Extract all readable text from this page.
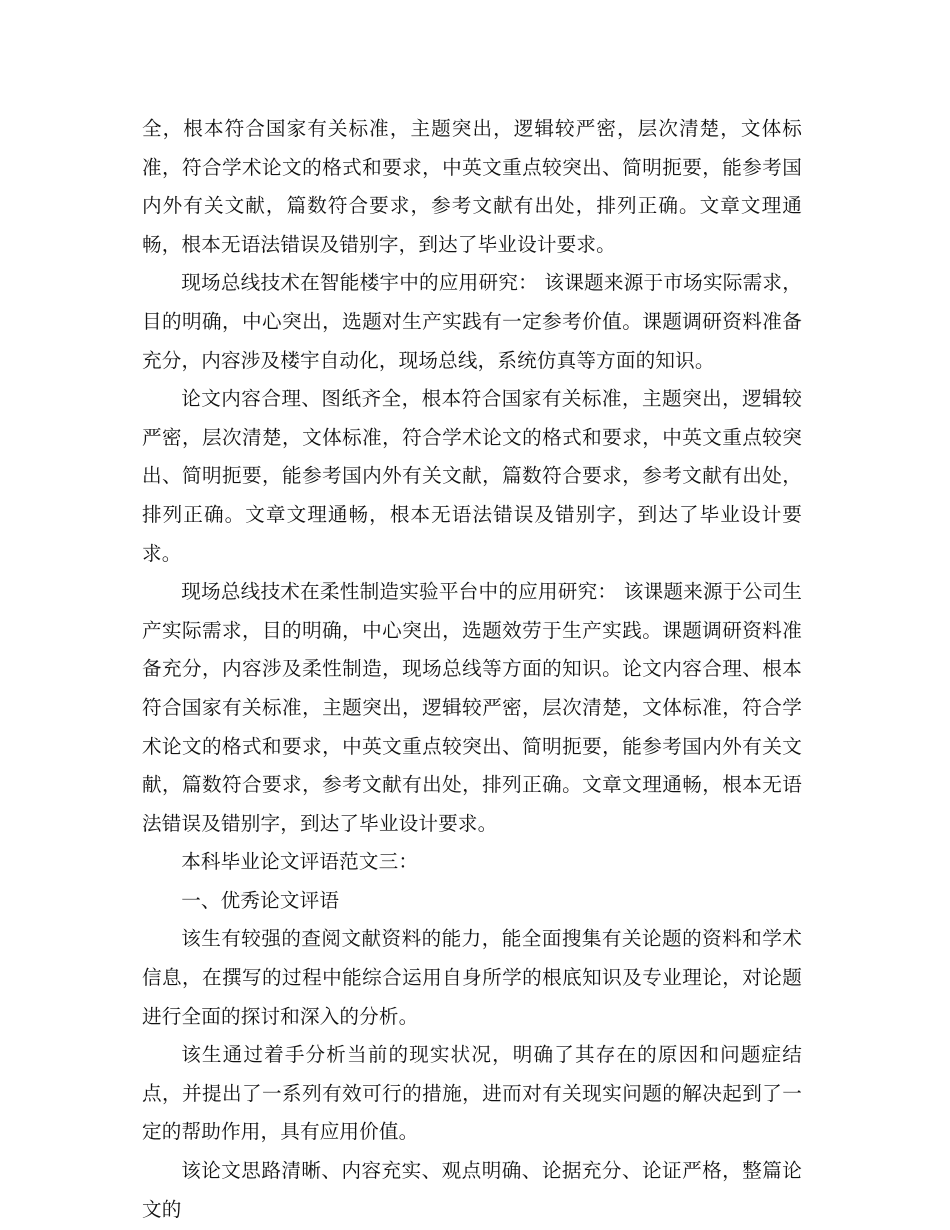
全，根本符合国家有关标准，主题突出，逻辑较严密，层次清楚，文体标准，符合学术论文的格式和要求，中英文重点较突出、简明扼要，能参考国内外有关文献，篇数符合要求，参考文献有出处，排列正确。文章文理通畅，根本无语法错误及错别字，到达了毕业设计要求。

现场总线技术在智能楼宇中的应用研究： 该课题来源于市场实际需求，目的明确，中心突出，选题对生产实践有一定参考价值。课题调研资料准备充分，内容涉及楼宇自动化，现场总线，系统仿真等方面的知识。

论文内容合理、图纸齐全，根本符合国家有关标准，主题突出，逻辑较严密，层次清楚，文体标准，符合学术论文的格式和要求，中英文重点较突出、简明扼要，能参考国内外有关文献，篇数符合要求，参考文献有出处，排列正确。文章文理通畅，根本无语法错误及错别字，到达了毕业设计要求。

现场总线技术在柔性制造实验平台中的应用研究： 该课题来源于公司生产实际需求，目的明确，中心突出，选题效劳于生产实践。课题调研资料准备充分，内容涉及柔性制造，现场总线等方面的知识。论文内容合理、根本符合国家有关标准，主题突出，逻辑较严密，层次清楚，文体标准，符合学术论文的格式和要求，中英文重点较突出、简明扼要，能参考国内外有关文献，篇数符合要求，参考文献有出处，排列正确。文章文理通畅，根本无语法错误及错别字，到达了毕业设计要求。

本科毕业论文评语范文三：

一、优秀论文评语

该生有较强的查阅文献资料的能力，能全面搜集有关论题的资料和学术信息，在撰写的过程中能综合运用自身所学的根底知识及专业理论，对论题进行全面的探讨和深入的分析。

该生通过着手分析当前的现实状况，明确了其存在的原因和问题症结点，并提出了一系列有效可行的措施，进而对有关现实问题的解决起到了一定的帮助作用，具有应用价值。

该论文思路清晰、内容充实、观点明确、论据充分、论证严格，整篇论文的
